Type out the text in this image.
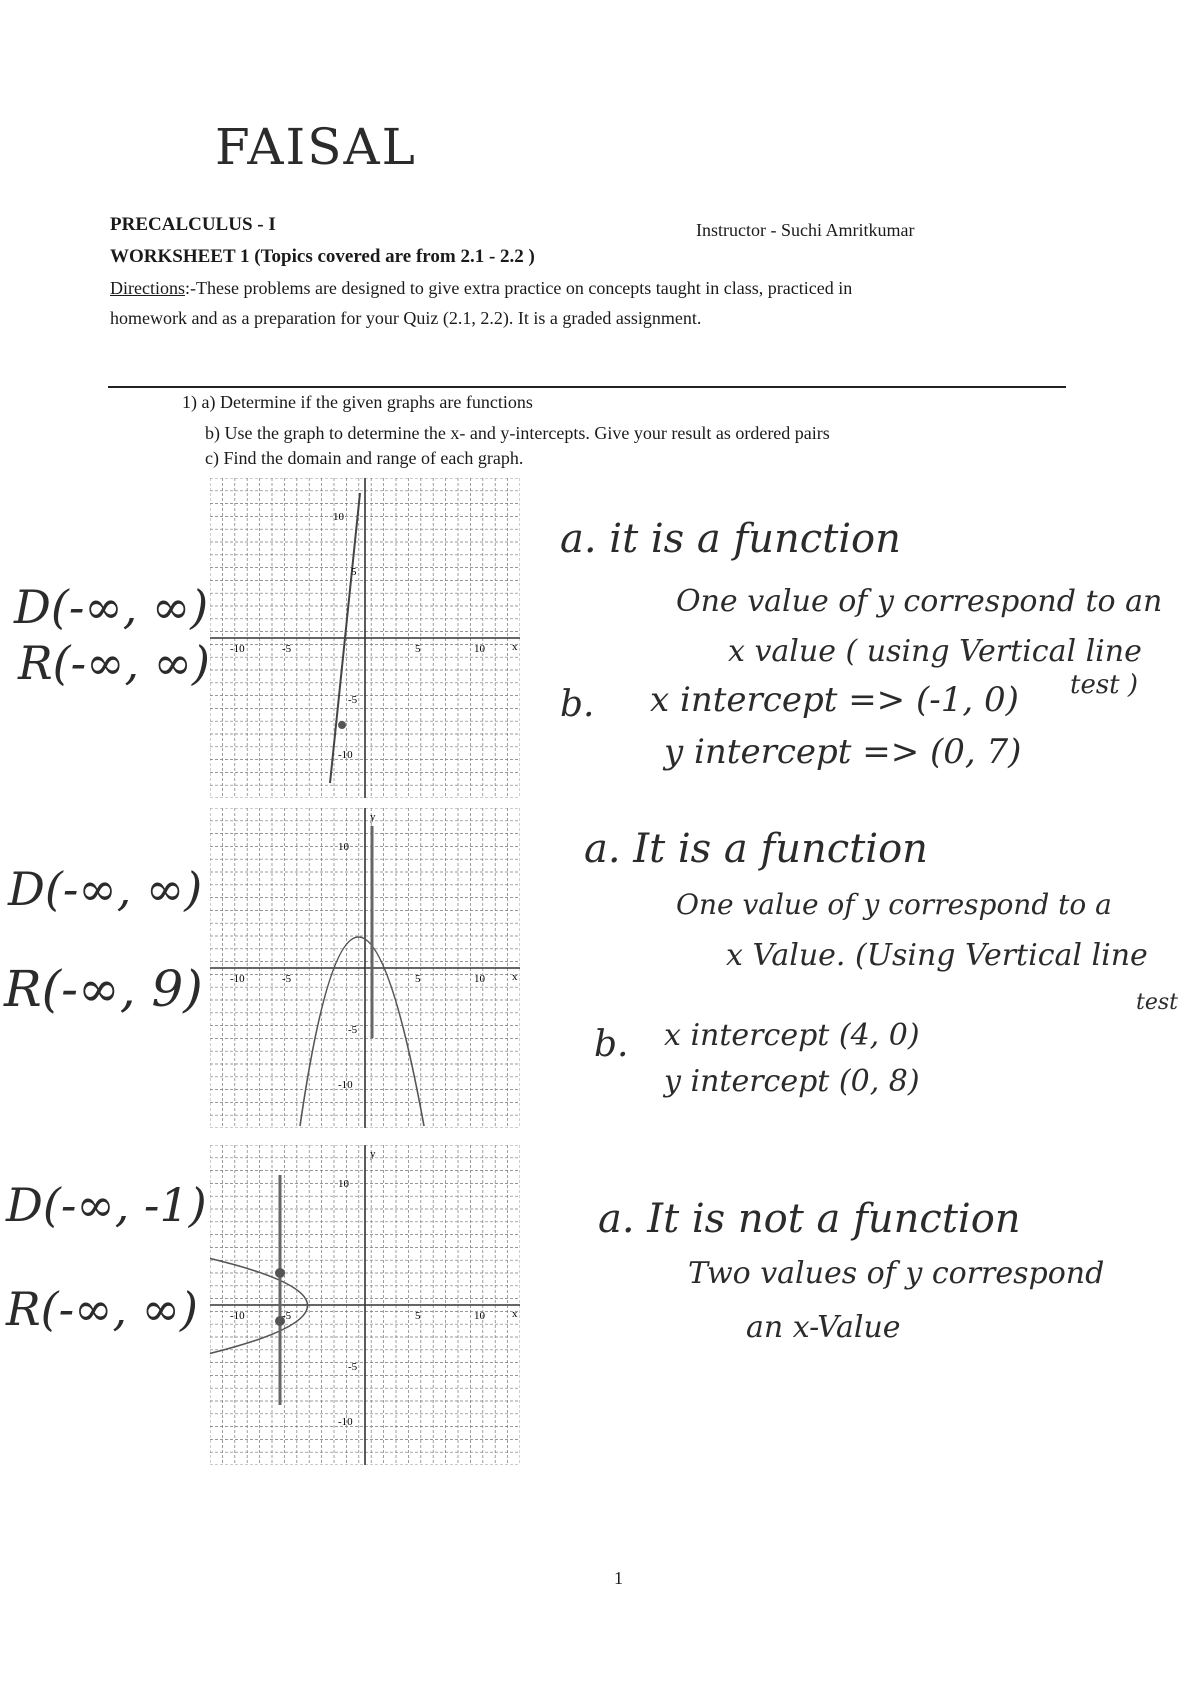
FAISAL
PRECALCULUS - I	Instructor - Suchi Amritkumar
WORKSHEET 1 (Topics covered are from 2.1 - 2.2 )
Directions:-These problems are designed to give extra practice on concepts taught in class, practiced in
homework and as a preparation for your Quiz (2.1, 2.2). It is a graded assignment.
1) a) Determine if the given graphs are functions
b) Use the graph to determine the x- and y-intercepts. Give your result as ordered pairs
c) Find the domain and range of each graph.
10
5
-5
-10
-10	-5	5	10 x
10
y
-5
-10
-10	-5	5	10 x
10
y
-5
-10
-10	-5	5	10 x
D(-∞, ∞)
R(-∞, ∞)
D(-∞, ∞)
R(-∞, 9)
D(-∞, -1)
R(-∞, ∞)
a. it is a function
One value of y correspond to an
x value ( using Vertical line
test )
b. x intercept => (-1, 0)
y intercept => (0, 7)
a. It is a function
One value of y correspond to a
x Value. (Using Vertical line
test
b. x intercept (4, 0)
y intercept (0, 8)
a. It is not a function
Two values of y correspond
an x-Value
1
